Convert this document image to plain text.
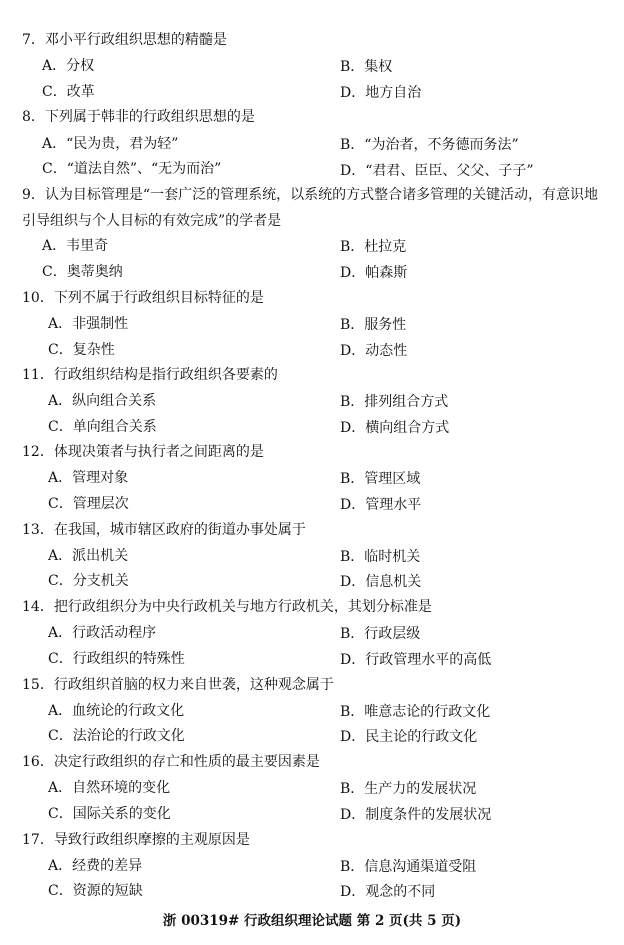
7．邓小平行政组织思想的精髓是
A．分权	B．集权
C．改革	D．地方自治
8．下列属于韩非的行政组织思想的是
A．“民为贵，君为轻”	B．“为治者，不务德而务法”
C．“道法自然”、“无为而治”	D．“君君、臣臣、父父、子子”
9．认为目标管理是“一套广泛的管理系统，以系统的方式整合诸多管理的关键活动，有意识地引导组织与个人目标的有效完成”的学者是
A．韦里奇	B．杜拉克
C．奥蒂奥纳	D．帕森斯
10．下列不属于行政组织目标特征的是
A．非强制性	B．服务性
C．复杂性	D．动态性
11．行政组织结构是指行政组织各要素的
A．纵向组合关系	B．排列组合方式
C．单向组合关系	D．横向组合方式
12．体现决策者与执行者之间距离的是
A．管理对象	B．管理区域
C．管理层次	D．管理水平
13．在我国，城市辖区政府的街道办事处属于
A．派出机关	B．临时机关
C．分支机关	D．信息机关
14．把行政组织分为中央行政机关与地方行政机关，其划分标准是
A．行政活动程序	B．行政层级
C．行政组织的特殊性	D．行政管理水平的高低
15．行政组织首脑的权力来自世袭，这种观念属于
A．血统论的行政文化	B．唯意志论的行政文化
C．法治论的行政文化	D．民主论的行政文化
16．决定行政组织的存亡和性质的最主要因素是
A．自然环境的变化	B．生产力的发展状况
C．国际关系的变化	D．制度条件的发展状况
17．导致行政组织摩擦的主观原因是
A．经费的差异	B．信息沟通渠道受阻
C．资源的短缺	D．观念的不同
浙 00319# 行政组织理论试题 第 2 页(共 5 页)
